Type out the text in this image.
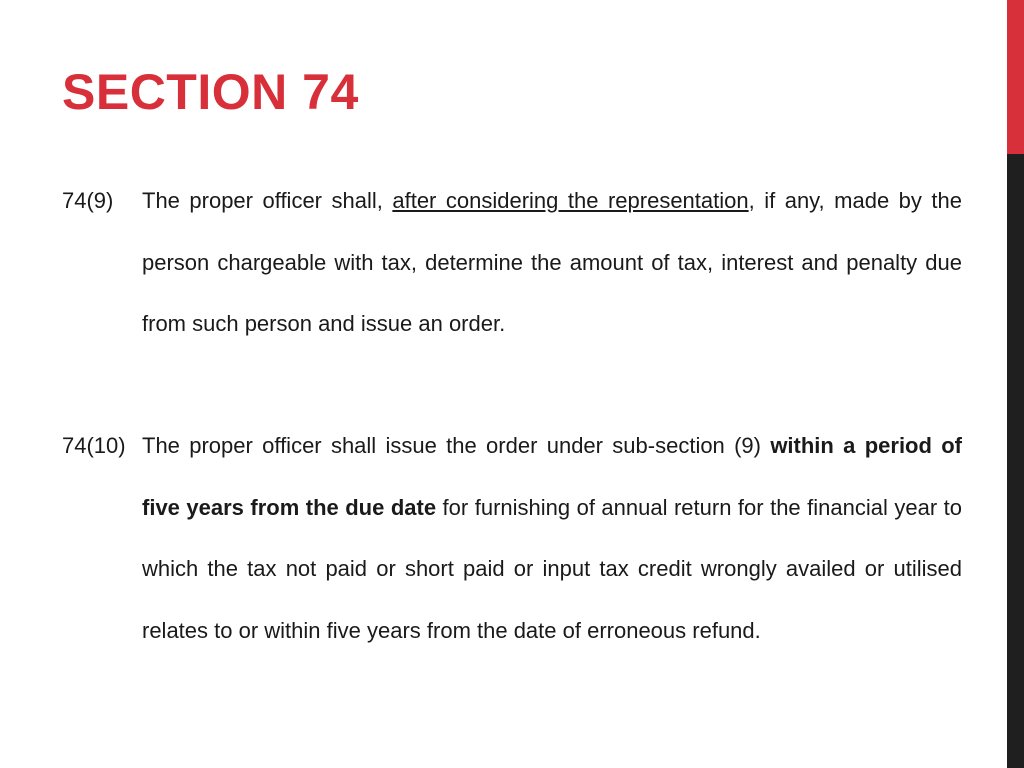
SECTION 74
74(9) The proper officer shall, after considering the representation, if any, made by the person chargeable with tax, determine the amount of tax, interest and penalty due from such person and issue an order.

74(10) The proper officer shall issue the order under sub-section (9) within a period of five years from the due date for furnishing of annual return for the financial year to which the tax not paid or short paid or input tax credit wrongly availed or utilised relates to or within five years from the date of erroneous refund.
